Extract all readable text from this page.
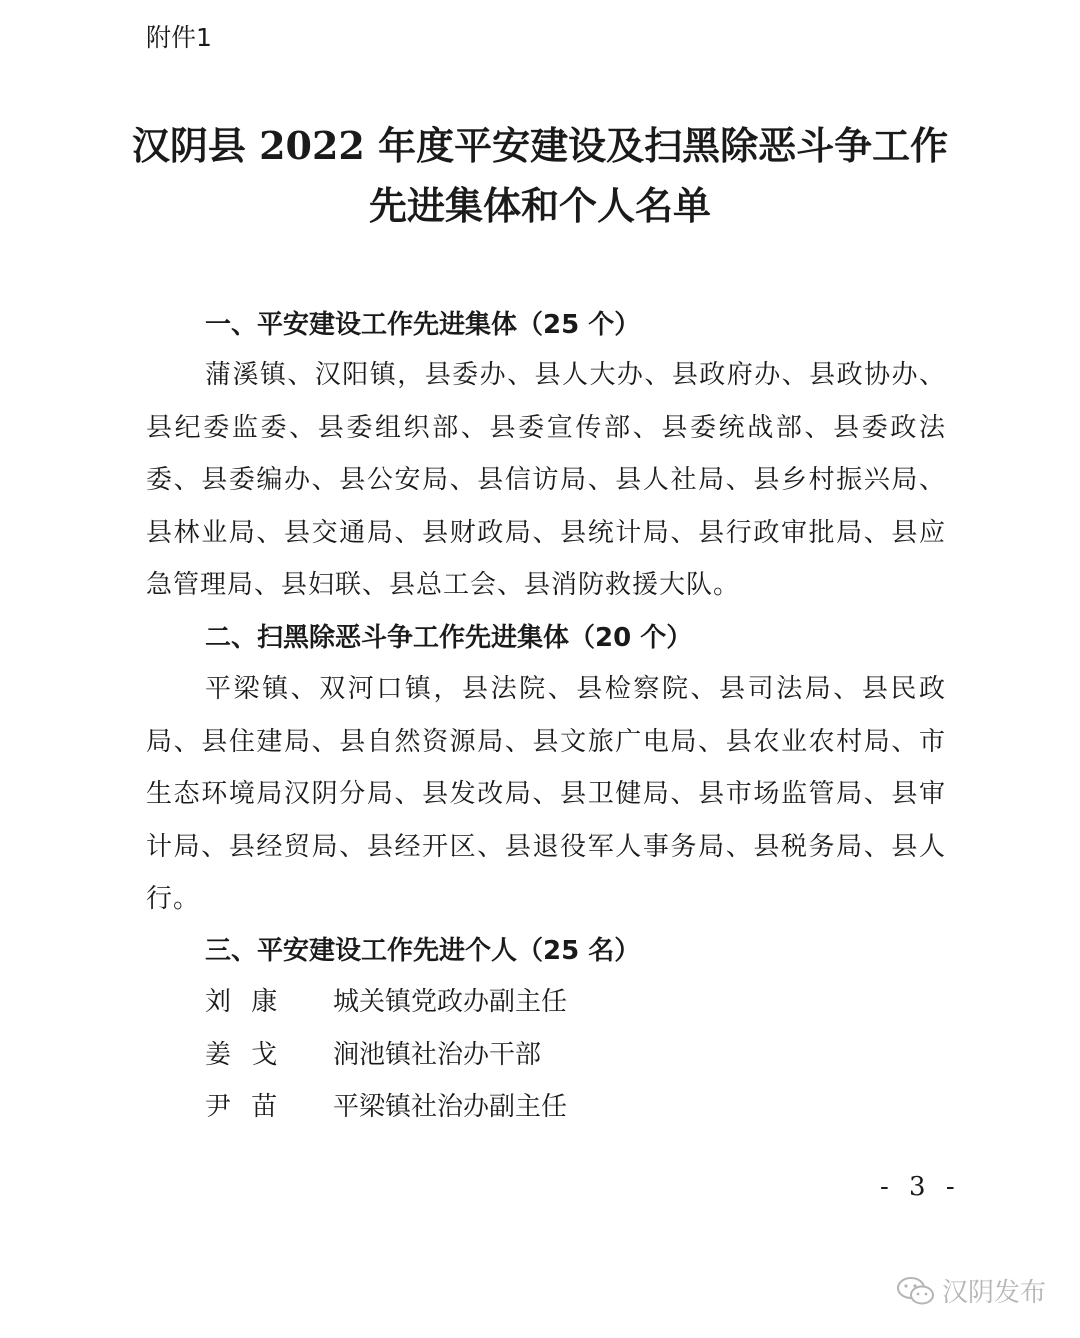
附件1
汉阴县 2022 年度平安建设及扫黑除恶斗争工作
先进集体和个人名单
一、平安建设工作先进集体（25 个）
蒲溪镇、汉阳镇，县委办、县人大办、县政府办、县政协办、县纪委监委、县委组织部、县委宣传部、县委统战部、县委政法委、县委编办、县公安局、县信访局、县人社局、县乡村振兴局、县林业局、县交通局、县财政局、县统计局、县行政审批局、县应急管理局、县妇联、县总工会、县消防救援大队。
二、扫黑除恶斗争工作先进集体（20 个）
平梁镇、双河口镇，县法院、县检察院、县司法局、县民政局、县住建局、县自然资源局、县文旅广电局、县农业农村局、市生态环境局汉阴分局、县发改局、县卫健局、县市场监管局、县审计局、县经贸局、县经开区、县退役军人事务局、县税务局、县人行。
三、平安建设工作先进个人（25 名）
刘 康 城关镇党政办副主任
姜 戈 涧池镇社治办干部
尹 苗 平梁镇社治办副主任
- 3 -
汉阴发布
